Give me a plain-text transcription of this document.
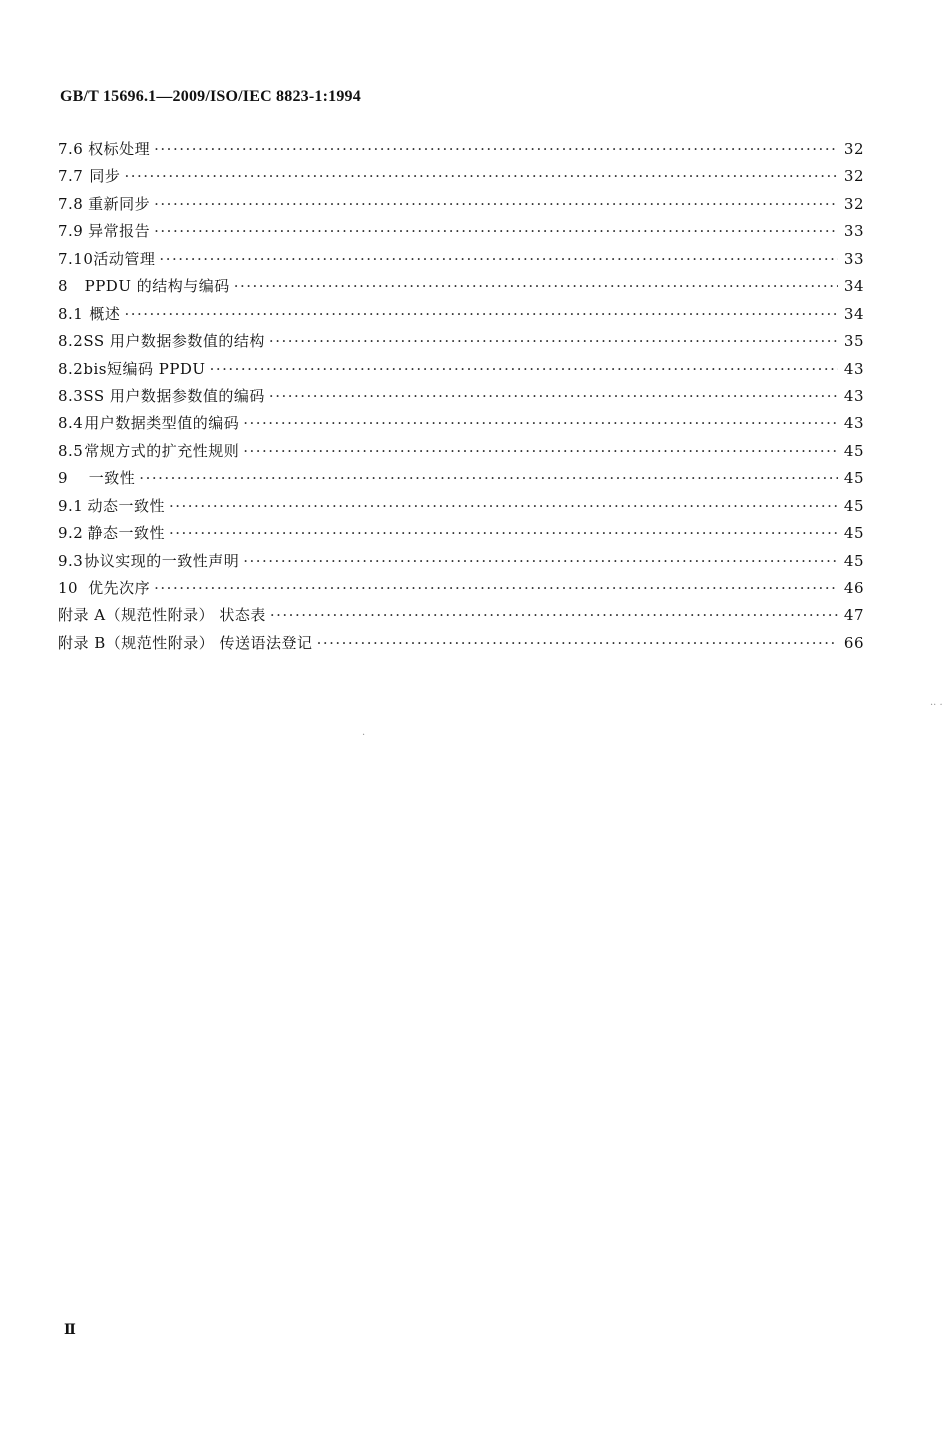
GB/T 15696.1—2009/ISO/IEC 8823-1:1994
7.6 权标处理 ·····	32
7.7 同步 ·····	32
7.8 重新同步 ·····	32
7.9 异常报告 ·····	33
7.10 活动管理 ·····	33
8	PPDU 的结构与编码 ·····	34
8.1 概述 ·····	34
8.2 SS 用户数据参数值的结构 ·····	35
8.2bis 短编码 PPDU ·····	43
8.3 SS 用户数据参数值的编码 ·····	43
8.4 用户数据类型值的编码 ·····	43
8.5 常规方式的扩充性规则 ·····	45
9	一致性 ·····	45
9.1 动态一致性 ·····	45
9.2 静态一致性 ·····	45
9.3 协议实现的一致性声明 ·····	45
10 优先次序 ·····	46
附录 A（规范性附录） 状态表 ·····	47
附录 B（规范性附录） 传送语法登记 ·····	66
Ⅱ
·· ·
·
